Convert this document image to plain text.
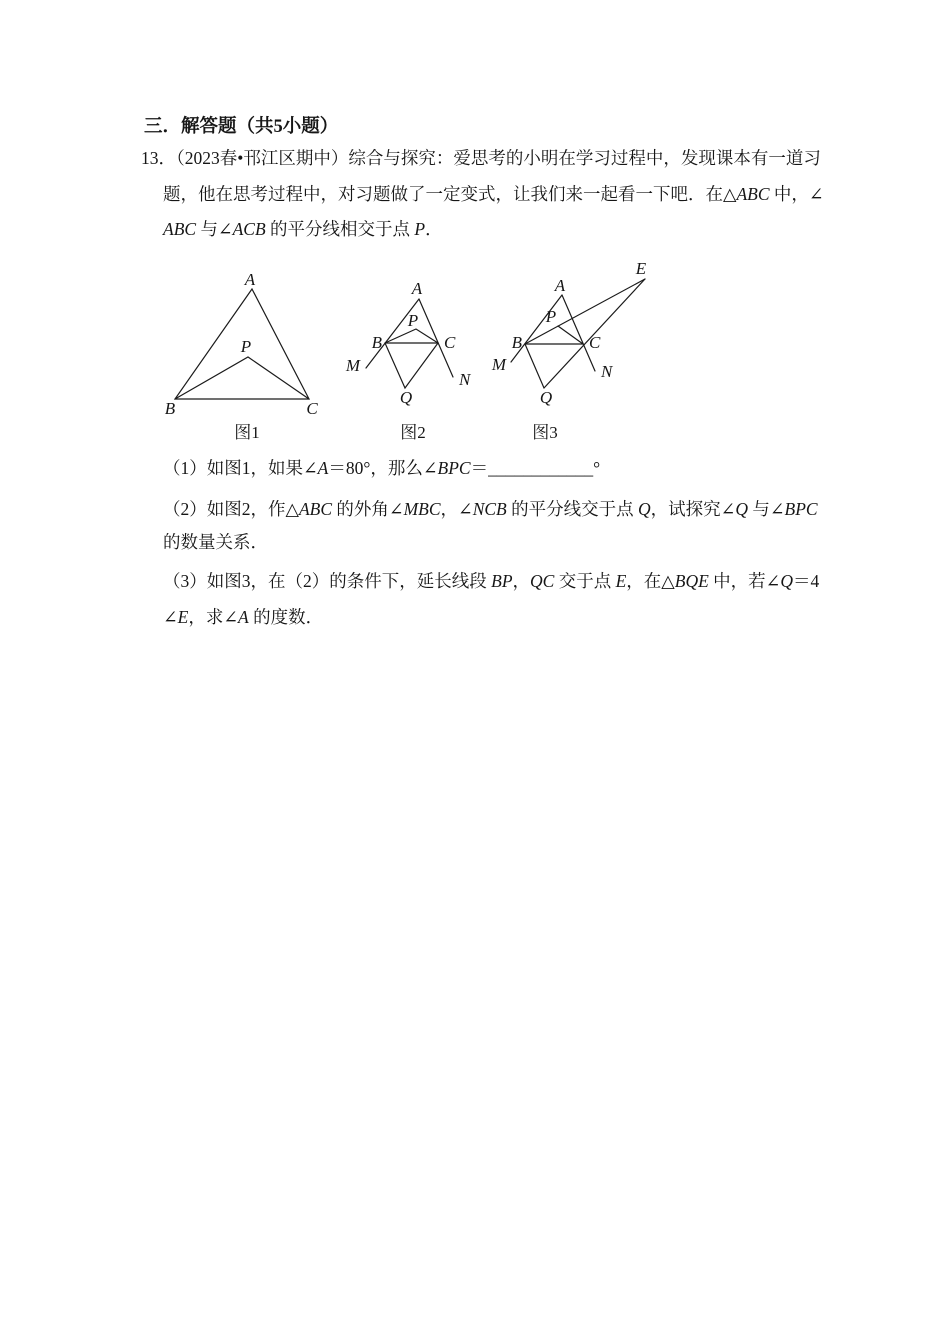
三．解答题（共5小题）
13．（2023春•邗江区期中）综合与探究：爱思考的小明在学习过程中，发现课本有一道习
题，他在思考过程中，对习题做了一定变式，让我们来一起看一下吧．在△ABC 中，∠
ABC 与∠ACB 的平分线相交于点 P．
A
B	C
P
图1
A
B	C
P
M
N
Q
图2
A
B	C
P
M	N
Q
E
图3
（1）如图1，如果∠A＝80°，那么∠BPC＝____________°
（2）如图2，作△ABC 的外角∠MBC，∠NCB 的平分线交于点 Q，试探究∠Q 与∠BPC
的数量关系．
（3）如图3，在（2）的条件下，延长线段 BP，QC 交于点 E，在△BQE 中，若∠Q＝4
∠E，求∠A 的度数．
